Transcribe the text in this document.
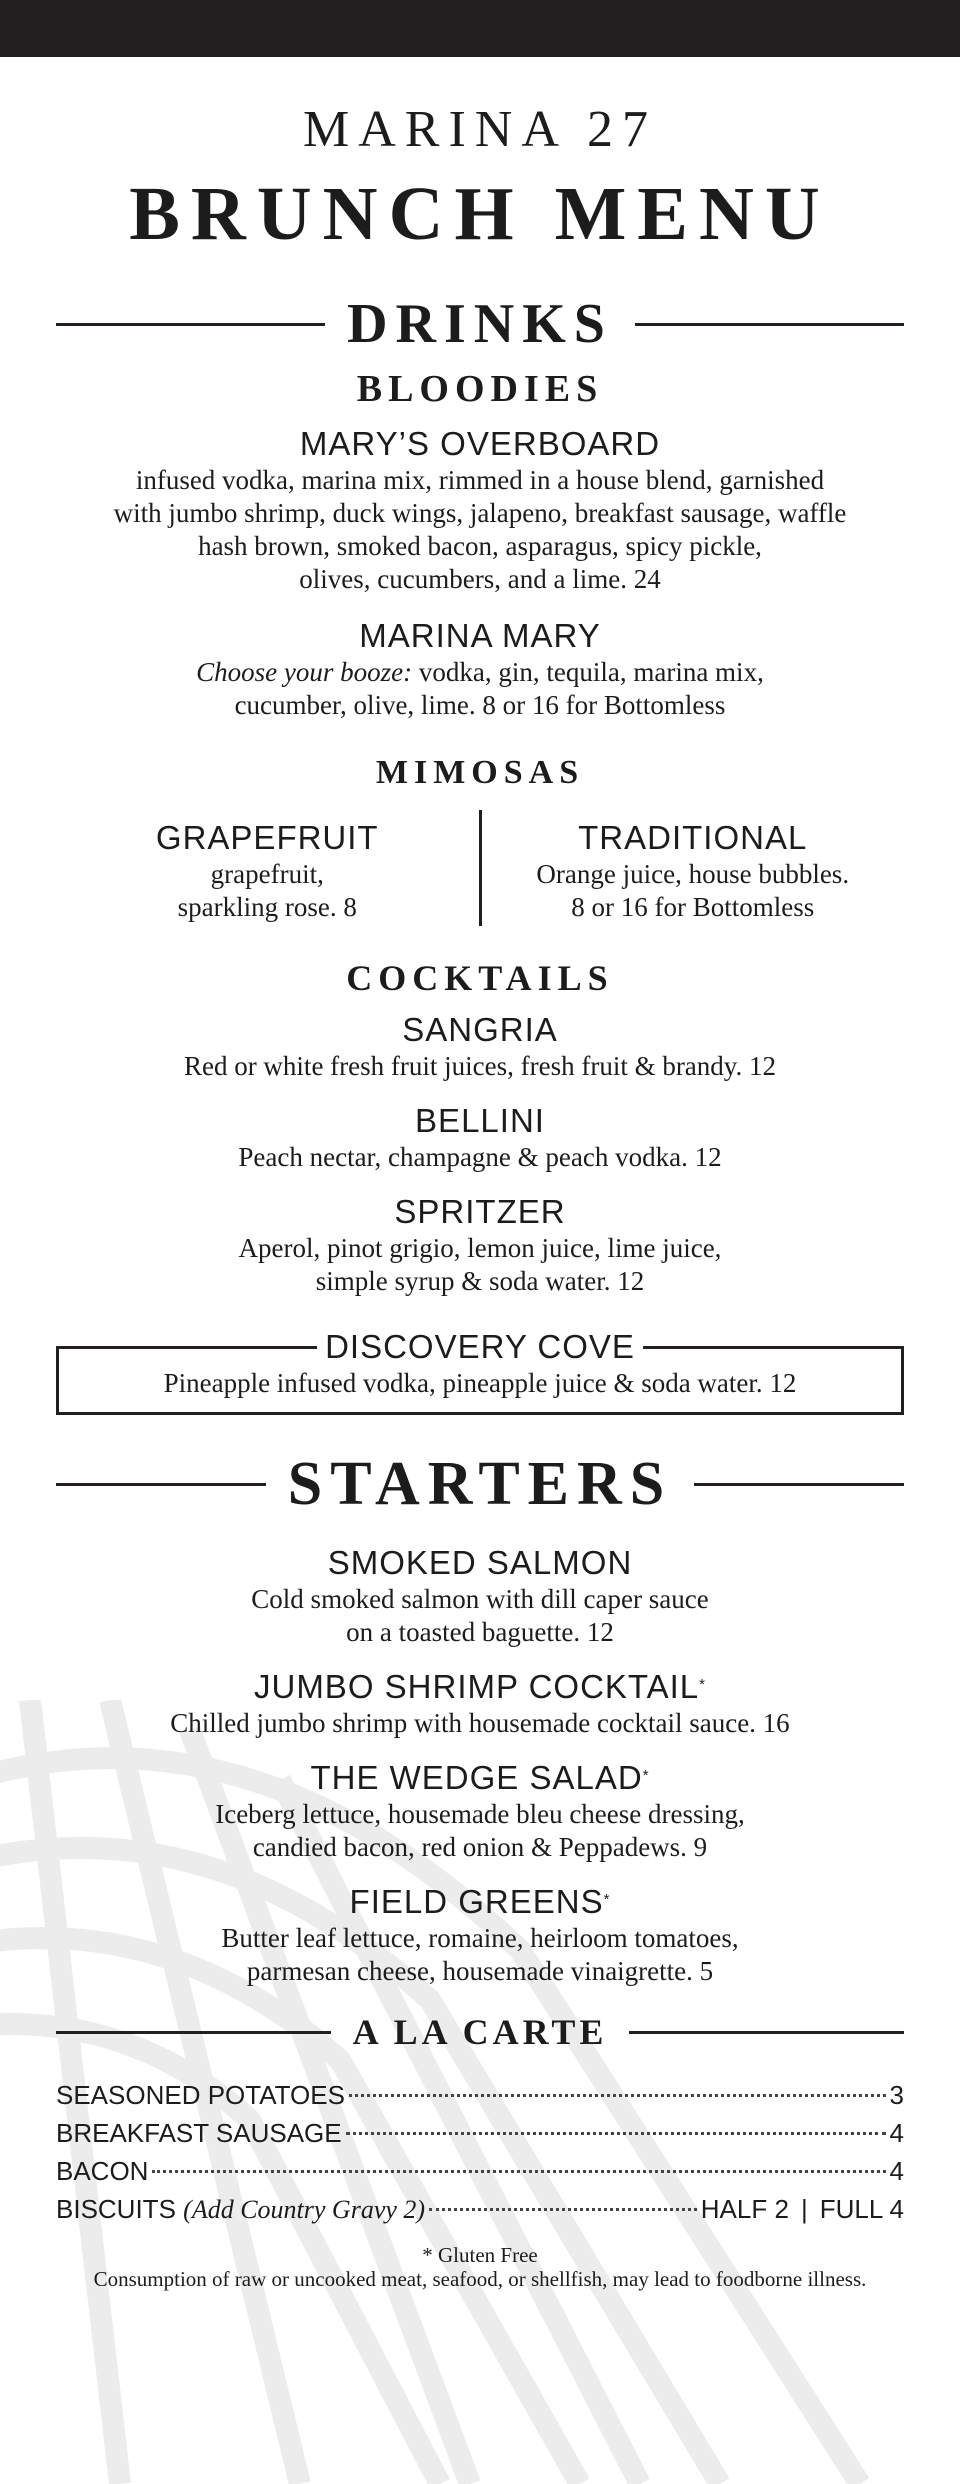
MARINA 27
BRUNCH MENU
DRINKS
BLOODIES
MARY’S OVERBOARD
infused vodka, marina mix, rimmed in a house blend, garnished
with jumbo shrimp, duck wings, jalapeno, breakfast sausage, waffle
hash brown, smoked bacon, asparagus, spicy pickle,
olives, cucumbers, and a lime. 24
MARINA MARY
Choose your booze: vodka, gin, tequila, marina mix,
cucumber, olive, lime. 8 or 16 for Bottomless
MIMOSAS
GRAPEFRUIT
grapefruit,
sparkling rose. 8
TRADITIONAL
Orange juice, house bubbles.
8 or 16 for Bottomless
COCKTAILS
SANGRIA
Red or white fresh fruit juices, fresh fruit & brandy. 12
BELLINI
Peach nectar, champagne & peach vodka. 12
SPRITZER
Aperol, pinot grigio, lemon juice, lime juice,
simple syrup & soda water. 12
DISCOVERY COVE
Pineapple infused vodka, pineapple juice & soda water. 12
STARTERS
SMOKED SALMON
Cold smoked salmon with dill caper sauce
on a toasted baguette. 12
JUMBO SHRIMP COCKTAIL*
Chilled jumbo shrimp with housemade cocktail sauce. 16
THE WEDGE SALAD*
Iceberg lettuce, housemade bleu cheese dressing,
candied bacon, red onion & Peppadews. 9
FIELD GREENS*
Butter leaf lettuce, romaine, heirloom tomatoes,
parmesan cheese, housemade vinaigrette. 5
A LA CARTE
SEASONED POTATOES	3
BREAKFAST SAUSAGE	4
BACON	4
BISCUITS
(Add Country Gravy 2)	HALF 2 | FULL 4
* Gluten Free
Consumption of raw or uncooked meat, seafood, or shellfish, may lead to foodborne illness.
